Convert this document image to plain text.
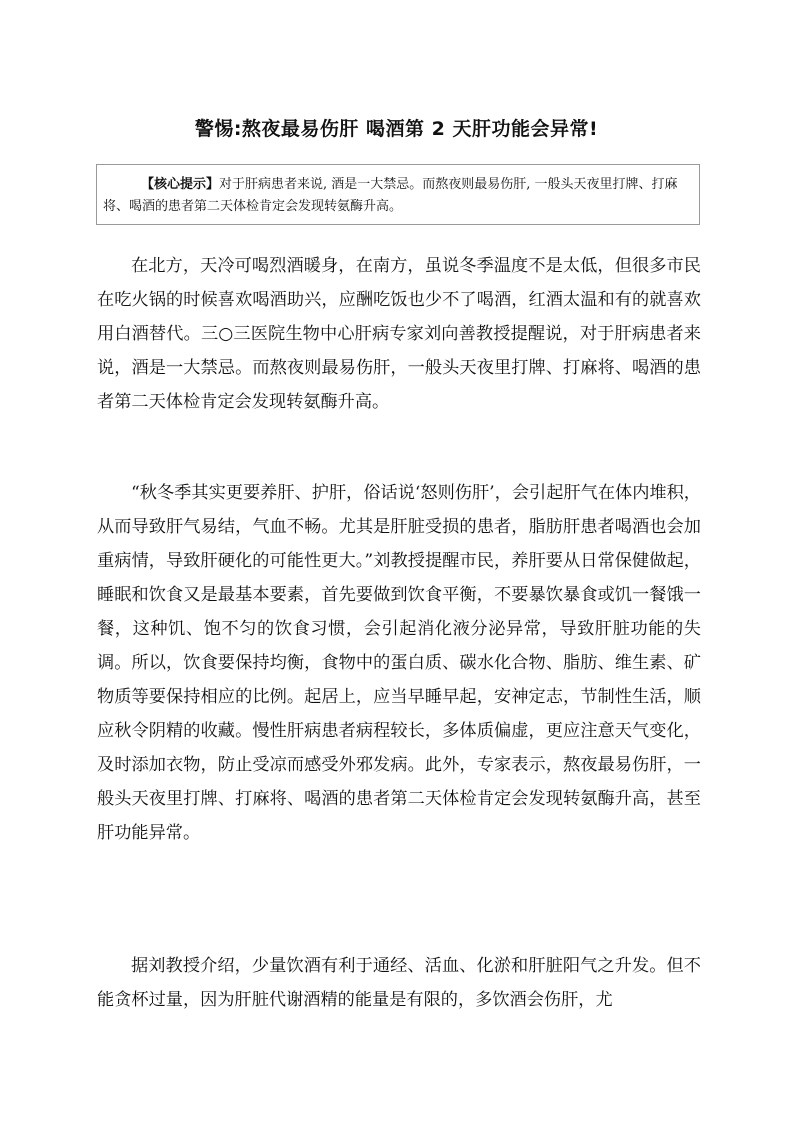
警惕:熬夜最易伤肝 喝酒第 2 天肝功能会异常!
【核心提示】对于肝病患者来说, 酒是一大禁忌。而熬夜则最易伤肝, 一般头天夜里打牌、打麻将、喝酒的患者第二天体检肯定会发现转氨酶升高。

在北方，天冷可喝烈酒暖身，在南方，虽说冬季温度不是太低，但很多市民在吃火锅的时候喜欢喝酒助兴，应酬吃饭也少不了喝酒，红酒太温和有的就喜欢用白酒替代。三○三医院生物中心肝病专家刘向善教授提醒说，对于肝病患者来说，酒是一大禁忌。而熬夜则最易伤肝，一般头天夜里打牌、打麻将、喝酒的患者第二天体检肯定会发现转氨酶升高。

“秋冬季其实更要养肝、护肝，俗话说‘怒则伤肝’，会引起肝气在体内堆积，从而导致肝气易结，气血不畅。尤其是肝脏受损的患者，脂肪肝患者喝酒也会加重病情，导致肝硬化的可能性更大。”刘教授提醒市民，养肝要从日常保健做起，睡眠和饮食又是最基本要素，首先要做到饮食平衡，不要暴饮暴食或饥一餐饿一餐，这种饥、饱不匀的饮食习惯，会引起消化液分泌异常，导致肝脏功能的失调。所以，饮食要保持均衡，食物中的蛋白质、碳水化合物、脂肪、维生素、矿物质等要保持相应的比例。起居上，应当早睡早起，安神定志，节制性生活，顺应秋令阴精的收藏。慢性肝病患者病程较长，多体质偏虚，更应注意天气变化，及时添加衣物，防止受凉而感受外邪发病。此外，专家表示，熬夜最易伤肝，一般头天夜里打牌、打麻将、喝酒的患者第二天体检肯定会发现转氨酶升高，甚至肝功能异常。

据刘教授介绍，少量饮酒有利于通经、活血、化淤和肝脏阳气之升发。但不能贪杯过量，因为肝脏代谢酒精的能量是有限的，多饮酒会伤肝，尤
